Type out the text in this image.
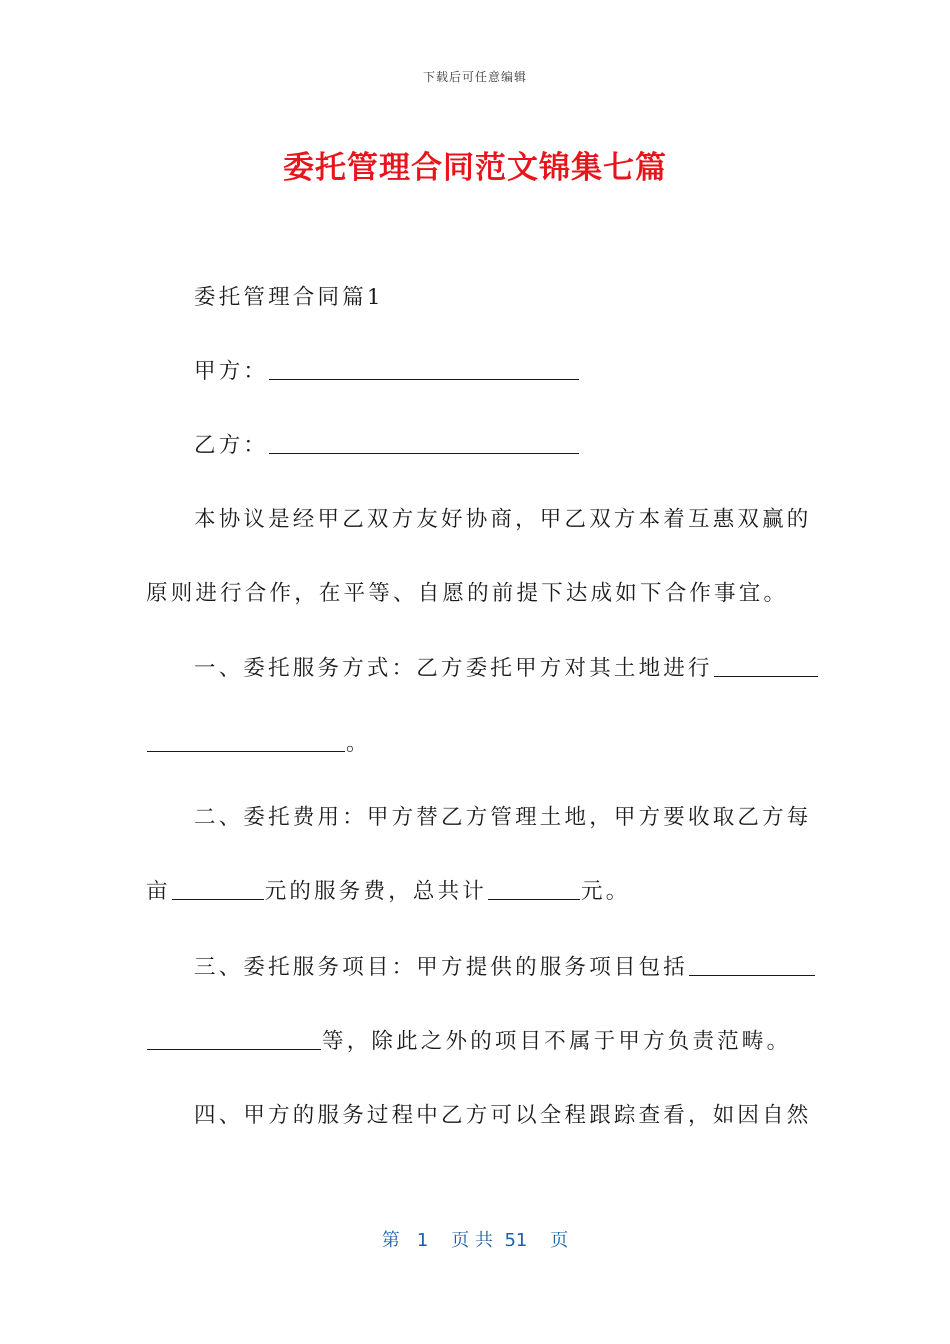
下载后可任意编辑
委托管理合同范文锦集七篇
委托管理合同篇1
甲方：
乙方：
本协议是经甲乙双方友好协商，甲乙双方本着互惠双赢的
原则进行合作，在平等、自愿的前提下达成如下合作事宜。
一、委托服务方式：乙方委托甲方对其土地进行
。
二、委托费用：甲方替乙方管理土地，甲方要收取乙方每
亩	元的服务费，总共计	元。
三、委托服务项目：甲方提供的服务项目包括
等，除此之外的项目不属于甲方负责范畴。
四、甲方的服务过程中乙方可以全程跟踪查看，如因自然
第 1 页 共 51 页
